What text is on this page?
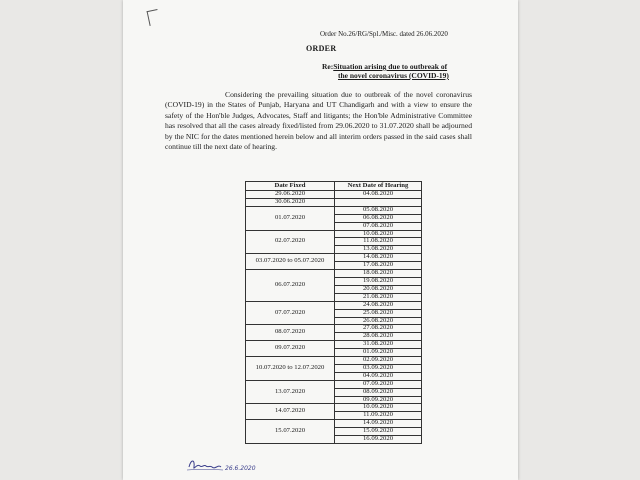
Order No.26/RG/Spl./Misc. dated 26.06.2020
ORDER
Re:Situation arising due to outbreak of
the novel coronavirus (COVID-19)
Considering the prevailing situation due to outbreak of the novel coronavirus (COVID-19) in the States of Punjab, Haryana and UT Chandigarh and with a view to ensure the safety of the Hon'ble Judges, Advocates, Staff and litigants; the Hon'ble Administrative Committee has resolved that all the cases already fixed/listed from 29.06.2020 to 31.07.2020 shall be adjourned by the NIC for the dates mentioned herein below and all interim orders passed in the said cases shall continue till the next date of hearing.
Date Fixed	Next Date of Hearing
29.06.2020	04.08.2020
30.06.2020	
01.07.2020	05.08.2020
	06.08.2020
	07.08.2020
02.07.2020	10.08.2020
	11.08.2020
	13.08.2020
03.07.2020 to 05.07.2020	14.08.2020
	17.08.2020
06.07.2020	18.08.2020
	19.08.2020
	20.08.2020
	21.08.2020
07.07.2020	24.08.2020
	25.08.2020
	26.08.2020
08.07.2020	27.08.2020
	28.08.2020
09.07.2020	31.08.2020
	01.09.2020
10.07.2020 to 12.07.2020	02.09.2020
	03.09.2020
	04.09.2020
13.07.2020	07.09.2020
	08.09.2020
	09.09.2020
14.07.2020	10.09.2020
	11.09.2020
15.07.2020	14.09.2020
	15.09.2020
	16.09.2020
26.6.2020
